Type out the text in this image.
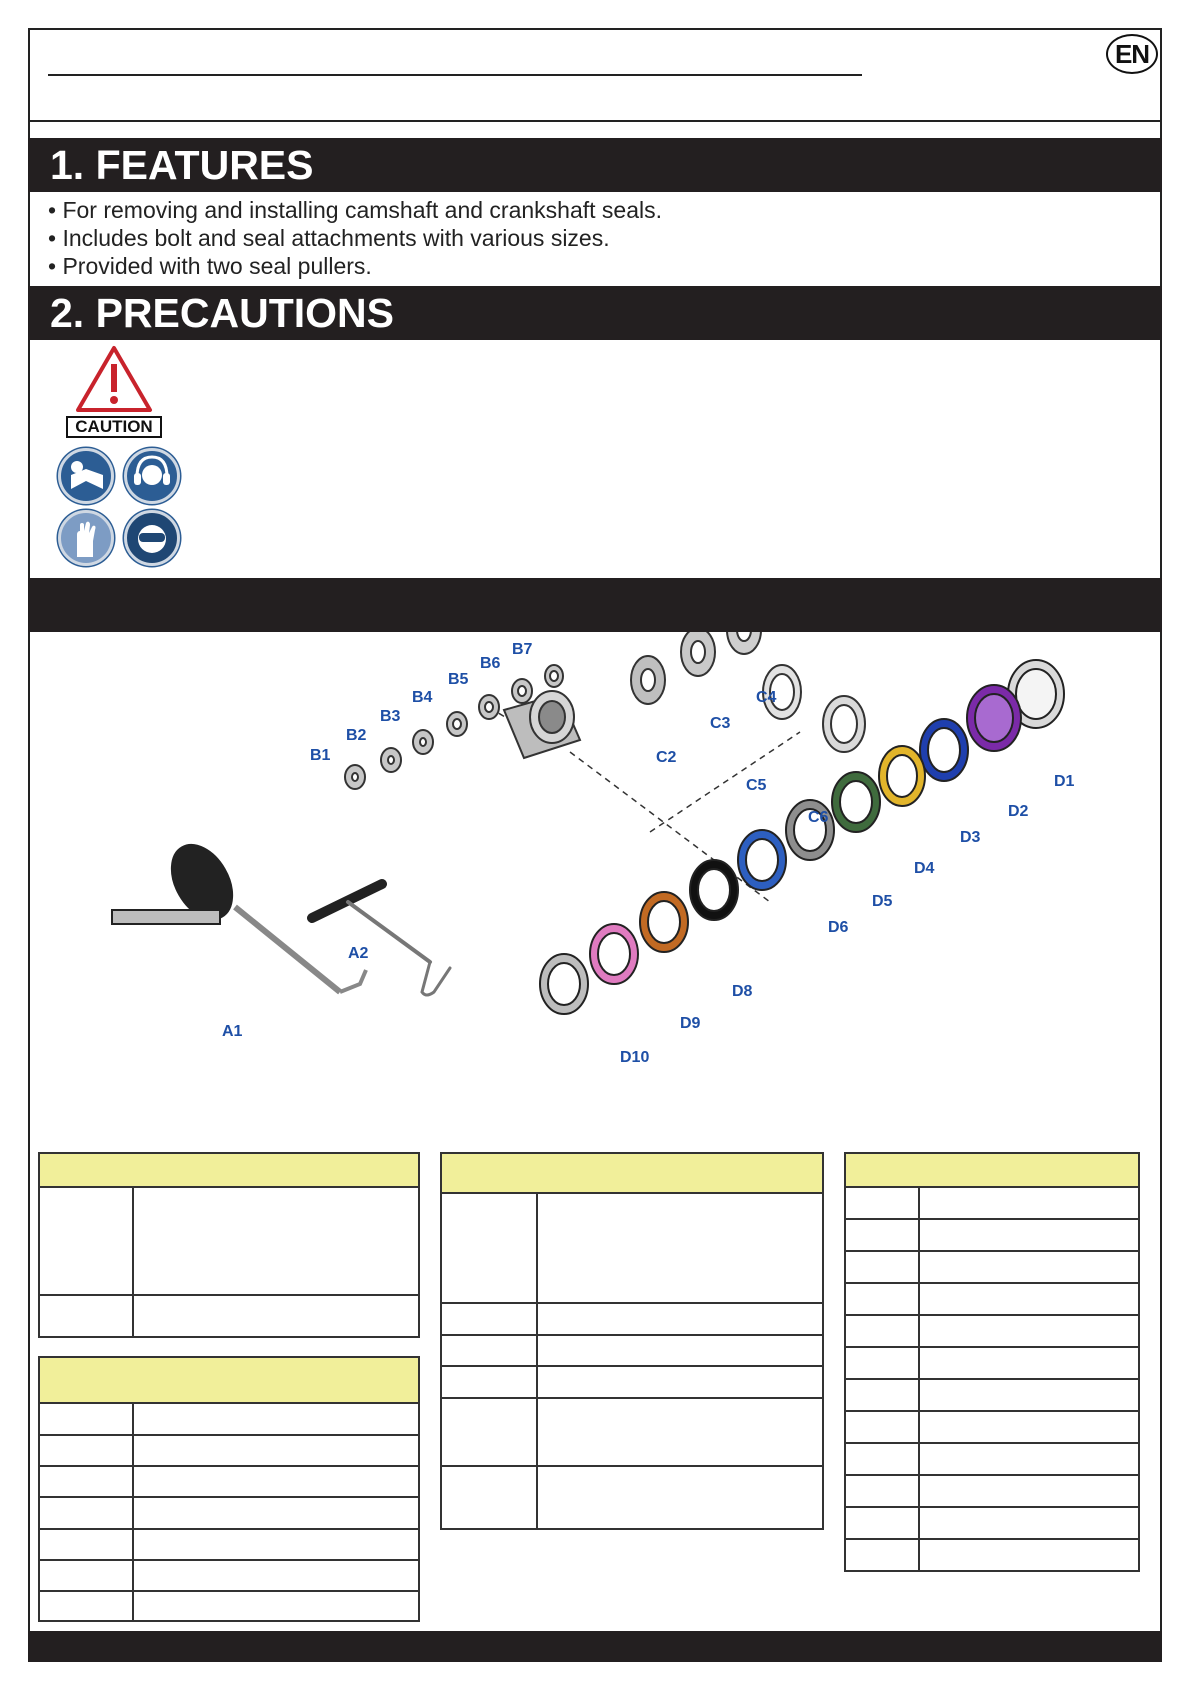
EN
1. FEATURES
• For removing and installing camshaft and crankshaft seals.
• Includes bolt and seal attachments with various sizes.
• Provided with two seal pullers.
2. PRECAUTIONS
CAUTION
B1
B2
B3
B4
B5
B6
B7
C2
C3
C4
C5
C6
D1
D2
D3
D4
D5
D6
D8
D9
D10
A1
A2
